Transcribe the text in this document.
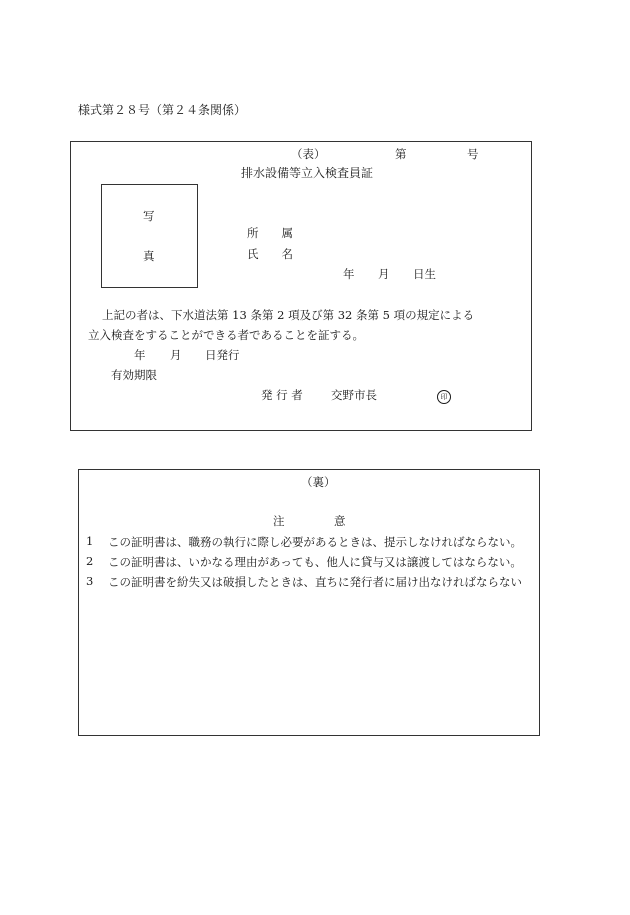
様式第２８号（第２４条関係）
（表）	第	号
排水設備等立入検査員証
写
真
所　　属
氏　　名
年 月 日生
上記の者は、下水道法第 13 条第 2 項及び第 32 条第 5 項の規定による
立入検査をすることができる者であることを証する。
年 月 日発行
有効期限
発 行 者 交野市長	印
（裏）
注	意
1 この証明書は、職務の執行に際し必要があるときは、提示しなければならない。
2 この証明書は、いかなる理由があっても、他人に貸与又は譲渡してはならない。
3 この証明書を紛失又は破損したときは、直ちに発行者に届け出なければならない
